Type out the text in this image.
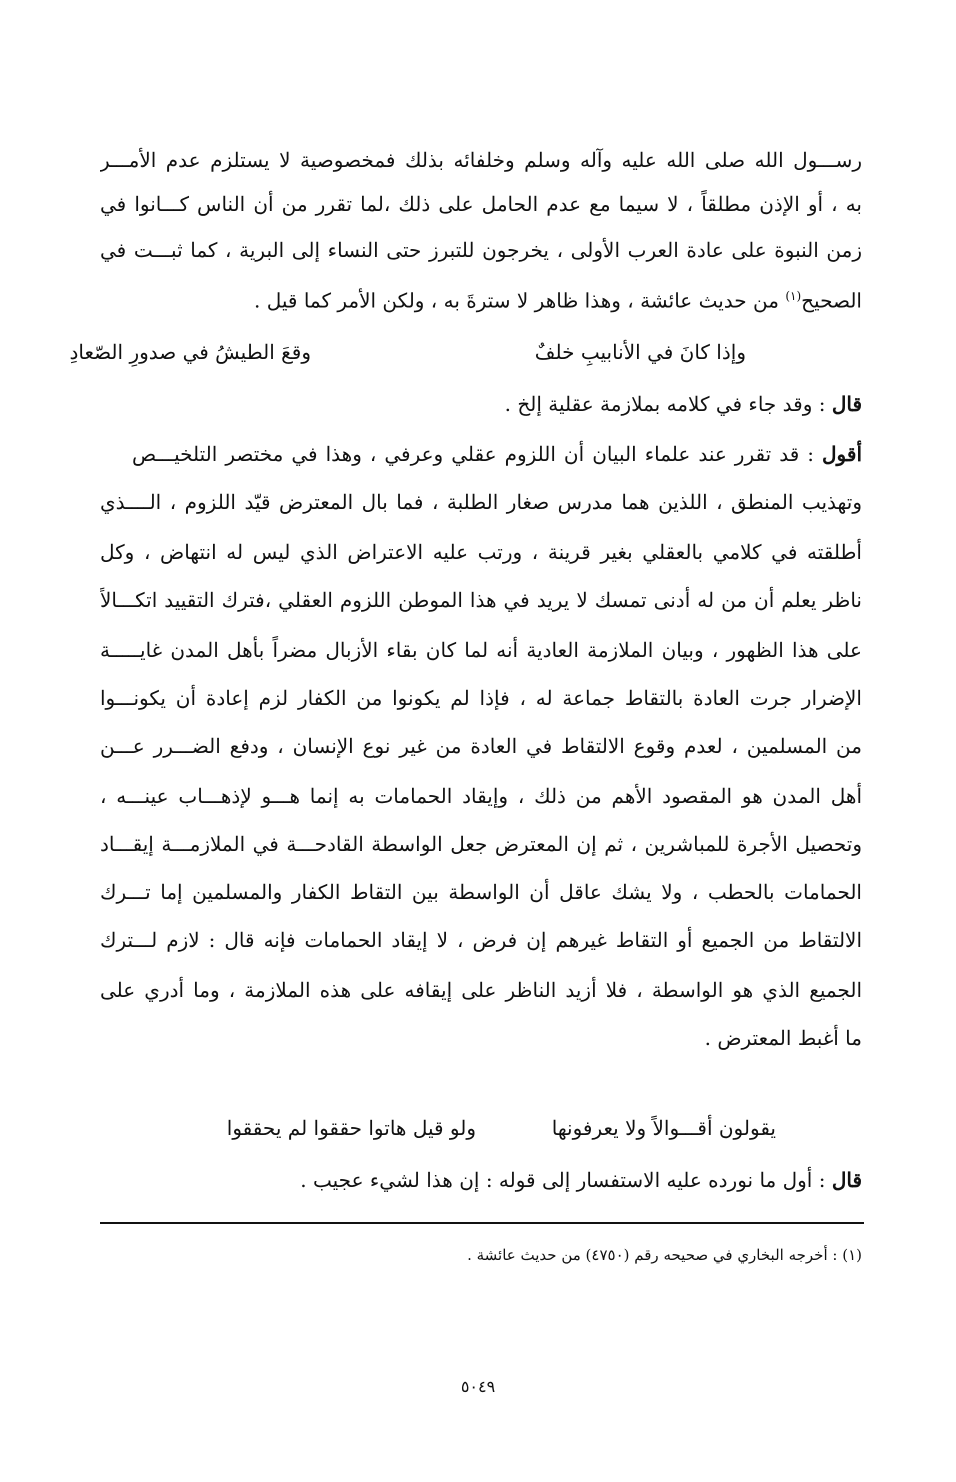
رســـول الله صلى الله عليه وآله وسلم وخلفائه بذلك فمخصوصية لا يستلزم عدم الأمـــر
به ، أو الإذن مطلقاً ، لا سيما مع عدم الحامل على ذلك ،لما تقرر من أن الناس كـــانوا في
زمن النبوة على عادة العرب الأولى ، يخرجون للتبرز حتى النساء إلى البرية ، كما ثبـــت في
الصحيح$^{(١)}$ من حديث عائشة ، وهذا ظاهر لا سترةَ به ، ولكن الأمر كما قيل .
قال : وقد جاء في كلامه بملازمة عقلية إلخ .
أقول : قد تقرر عند علماء البيان أن اللزوم عقلي وعرفي ، وهذا في مختصر التلخيـــص
وتهذيب المنطق ، اللذين هما مدرس صغار الطلبة ، فما بال المعترض قيّد اللزوم ، الــــذي
أطلقته في كلامي بالعقلي بغير قرينة ، ورتب عليه الاعتراض الذي ليس له انتهاض ، وكل
ناظر يعلم أن من له أدنى تمسك لا يريد في هذا الموطن اللزوم العقلي ،فترك التقييد اتكـــالاً
على هذا الظهور ، وبيان الملازمة العادية أنه لما كان بقاء الأزبال مضراً بأهل المدن غايـــــة
الإضرار جرت العادة بالتقاط جماعة له ، فإذا لم يكونوا من الكفار لزم إعادة أن يكونـــوا
من المسلمين ، لعدم وقوع الالتقاط في العادة من غير نوع الإنسان ، ودفع الضـــرر عـــن
أهل المدن هو المقصود الأهم من ذلك ، وإيقاد الحمامات به إنما هـــو لإذهـــاب عينـــه ،
وتحصيل الأجرة للمباشرين ، ثم إن المعترض جعل الواسطة القادحـــة في الملازمـــة إيقـــاد
الحمامات بالحطب ، ولا يشك عاقل أن الواسطة بين التقاط الكفار والمسلمين إما تـــرك
الالتقاط من الجميع أو التقاط غيرهم إن فرض ، لا إيقاد الحمامات فإنه قال : لازم لـــترك
الجميع الذي هو الواسطة ، فلا أزيد الناظر على إيقافه على هذه الملازمة ، وما أدري على
ما أغبط المعترض .
قال : أول ما نورده عليه الاستفسار إلى قوله : إن هذا لشيء عجيب .
وإذا كانَ في الأنابيبِ خلفٌ
وقعَ الطيشُ في صدورِ الصّعادِ
يقولون أقـــوالاً ولا يعرفونها
ولو قيل هاتوا حققوا لم يحققوا
(١) : أخرجه البخاري في صحيحه رقم (٤٧٥٠) من حديث عائشة .
٥٠٤٩
